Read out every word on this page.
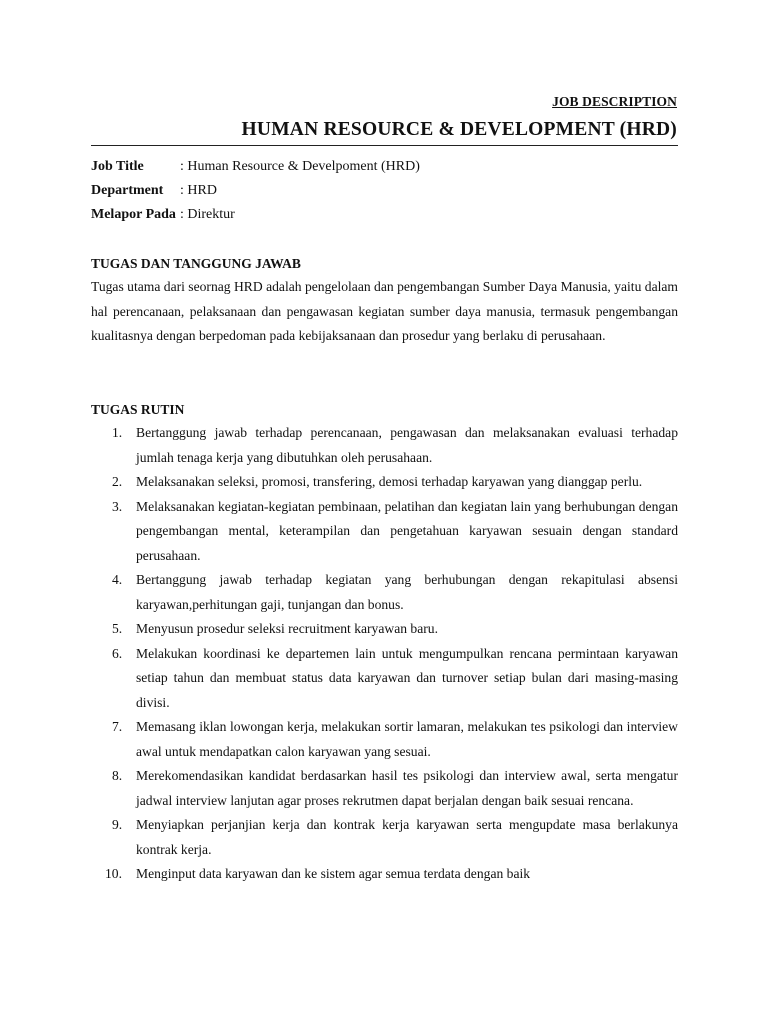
JOB DESCRIPTION
HUMAN RESOURCE & DEVELOPMENT (HRD)
Job Title	: Human Resource & Develpoment (HRD)
Department	: HRD
Melapor Pada : Direktur
TUGAS DAN TANGGUNG JAWAB

Tugas utama dari seornag HRD adalah pengelolaan dan pengembangan Sumber Daya Manusia, yaitu dalam hal perencanaan, pelaksanaan dan pengawasan kegiatan sumber daya manusia, termasuk pengembangan kualitasnya dengan berpedoman pada kebijaksanaan dan prosedur yang berlaku di perusahaan.

TUGAS RUTIN
1.	Bertanggung jawab terhadap perencanaan, pengawasan dan melaksanakan evaluasi terhadap jumlah tenaga kerja yang dibutuhkan oleh perusahaan.
2.	Melaksanakan seleksi, promosi, transfering, demosi terhadap karyawan yang dianggap perlu.
3.	Melaksanakan kegiatan-kegiatan pembinaan, pelatihan dan kegiatan lain yang berhubungan dengan pengembangan mental, keterampilan dan pengetahuan karyawan sesuain dengan standard perusahaan.
4.	Bertanggung jawab terhadap kegiatan yang berhubungan dengan rekapitulasi absensi karyawan,perhitungan gaji, tunjangan dan bonus.
5.	Menyusun prosedur seleksi recruitment karyawan baru.
6.	Melakukan koordinasi ke departemen lain untuk mengumpulkan rencana permintaan karyawan setiap tahun dan membuat status data karyawan dan turnover setiap bulan dari masing-masing divisi.
7.	Memasang iklan lowongan kerja, melakukan sortir lamaran, melakukan tes psikologi dan interview awal untuk mendapatkan calon karyawan yang sesuai.
8.	Merekomendasikan kandidat berdasarkan hasil tes psikologi dan interview awal, serta mengatur jadwal interview lanjutan agar proses rekrutmen dapat berjalan dengan baik sesuai rencana.
9.	Menyiapkan perjanjian kerja dan kontrak kerja karyawan serta mengupdate masa berlakunya kontrak kerja.
10.	Menginput data karyawan dan ke sistem agar semua terdata dengan baik
